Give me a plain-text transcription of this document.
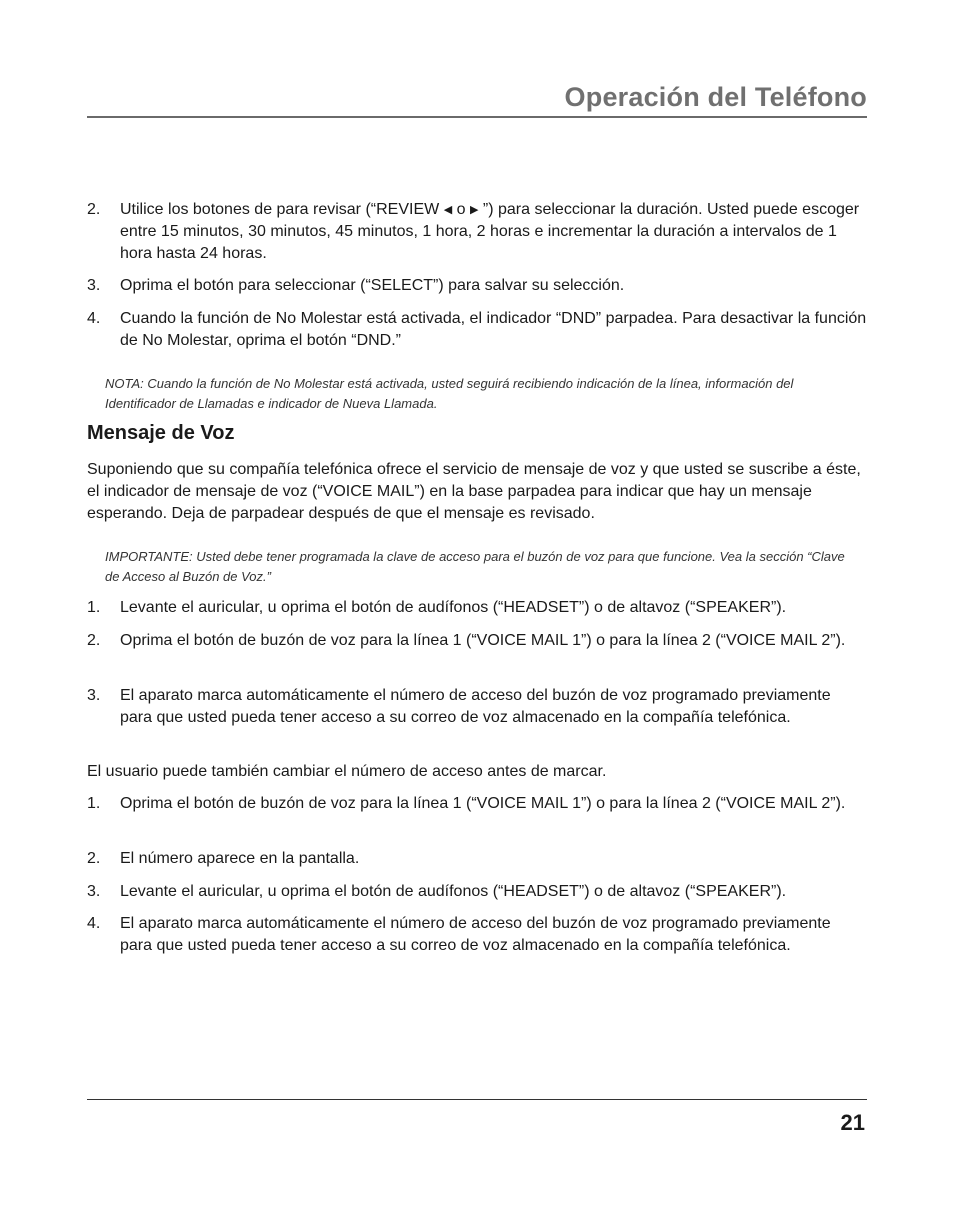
Operación del Teléfono
2. Utilice los botones de para revisar (“REVIEW ◀ o ▶ ”) para seleccionar la duración. Usted puede escoger entre 15 minutos, 30 minutos, 45 minutos, 1 hora, 2 horas e incrementar la duración a intervalos de 1 hora hasta 24 horas.
3. Oprima el botón para seleccionar (“SELECT”) para salvar su selección.
4. Cuando la función de No Molestar está activada, el indicador “DND” parpadea. Para desactivar la función de No Molestar, oprima el botón “DND.”
NOTA: Cuando la función de No Molestar está activada, usted seguirá recibiendo indicación de la línea, información del Identificador de Llamadas e indicador de Nueva Llamada.
Mensaje de Voz
Suponiendo que su compañía telefónica ofrece el servicio de mensaje de voz y que usted se suscribe a éste, el indicador de mensaje de voz (“VOICE MAIL”) en la base parpadea para indicar que hay un mensaje esperando. Deja de parpadear después de que el mensaje es revisado.
IMPORTANTE: Usted debe tener programada la clave de acceso para el buzón de voz para que funcione. Vea la sección “Clave de Acceso al Buzón de Voz.”
1. Levante el auricular, u oprima el botón de audífonos (“HEADSET”) o de altavoz (“SPEAKER”).
2. Oprima el botón de buzón de voz para la línea 1 (“VOICE MAIL 1”) o para la línea 2 (“VOICE MAIL 2”).
3. El aparato marca automáticamente el número de acceso del buzón de voz programado previamente para que usted pueda tener acceso a su correo de voz almacenado en la compañía telefónica.
El usuario puede también cambiar el número de acceso antes de marcar.
1. Oprima el botón de buzón de voz para la línea 1 (“VOICE MAIL 1”) o para la línea 2 (“VOICE MAIL 2”).
2. El número aparece en la pantalla.
3. Levante el auricular, u oprima el botón de audífonos (“HEADSET”) o de altavoz (“SPEAKER”).
4. El aparato marca automáticamente el número de acceso del buzón de voz programado previamente para que usted pueda tener acceso a su correo de voz almacenado en la compañía telefónica.
21
